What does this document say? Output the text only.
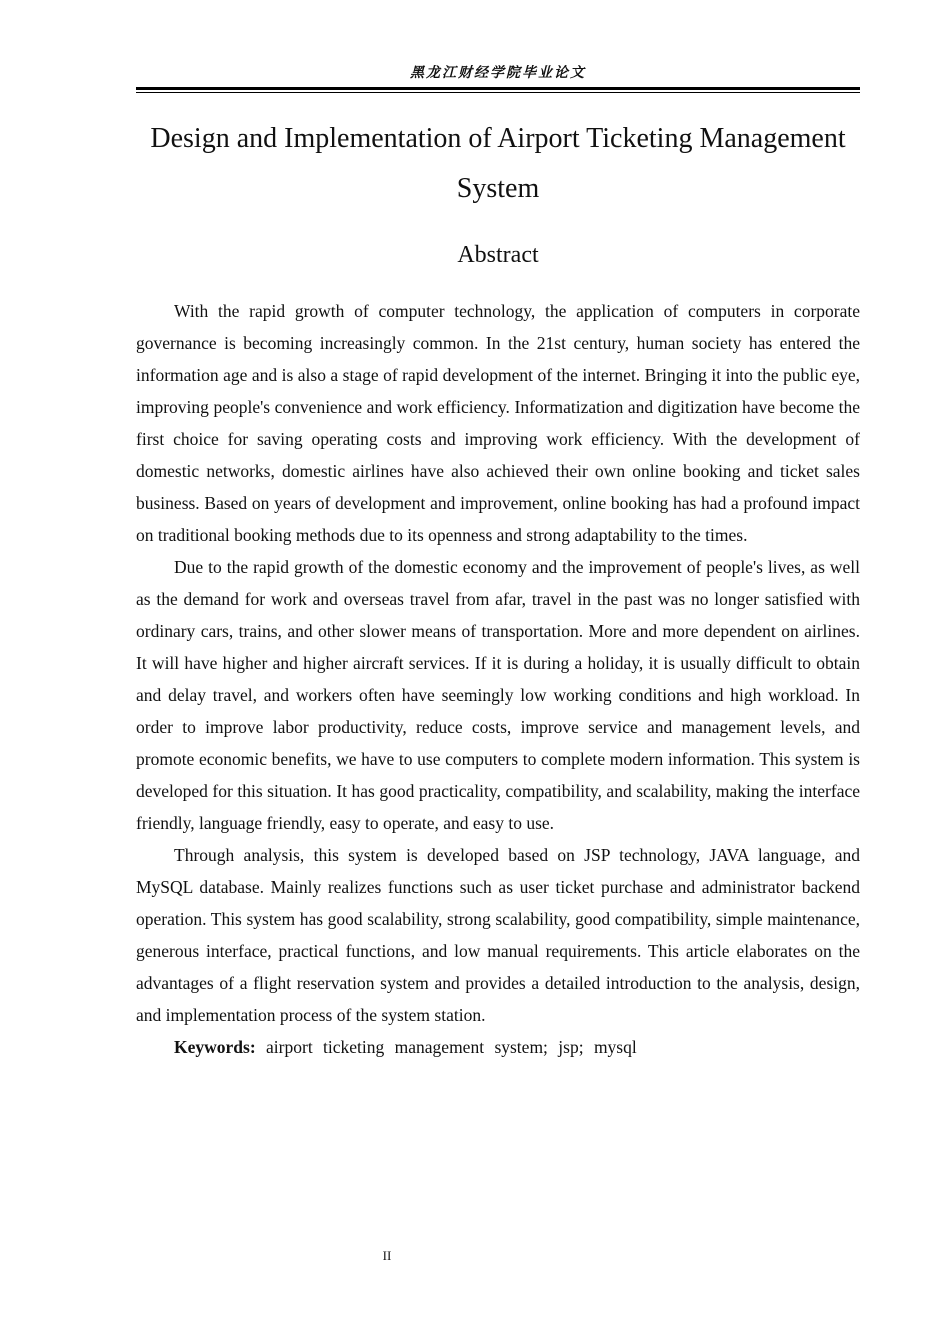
黑龙江财经学院毕业论文
Design and Implementation of Airport Ticketing Management System
Abstract

With the rapid growth of computer technology, the application of computers in corporate governance is becoming increasingly common. In the 21st century, human society has entered the information age and is also a stage of rapid development of the internet. Bringing it into the public eye, improving people's convenience and work efficiency. Informatization and digitization have become the first choice for saving operating costs and improving work efficiency. With the development of domestic networks, domestic airlines have also achieved their own online booking and ticket sales business. Based on years of development and improvement, online booking has had a profound impact on traditional booking methods due to its openness and strong adaptability to the times.

Due to the rapid growth of the domestic economy and the improvement of people's lives, as well as the demand for work and overseas travel from afar, travel in the past was no longer satisfied with ordinary cars, trains, and other slower means of transportation. More and more dependent on airlines. It will have higher and higher aircraft services. If it is during a holiday, it is usually difficult to obtain and delay travel, and workers often have seemingly low working conditions and high workload. In order to improve labor productivity, reduce costs, improve service and management levels, and promote economic benefits, we have to use computers to complete modern information. This system is developed for this situation. It has good practicality, compatibility, and scalability, making the interface friendly, language friendly, easy to operate, and easy to use.

Through analysis, this system is developed based on JSP technology, JAVA language, and MySQL database. Mainly realizes functions such as user ticket purchase and administrator backend operation. This system has good scalability, strong scalability, good compatibility, simple maintenance, generous interface, practical functions, and low manual requirements. This article elaborates on the advantages of a flight reservation system and provides a detailed introduction to the analysis, design, and implementation process of the system station.

Keywords: airport ticketing management system; jsp; mysql

II
